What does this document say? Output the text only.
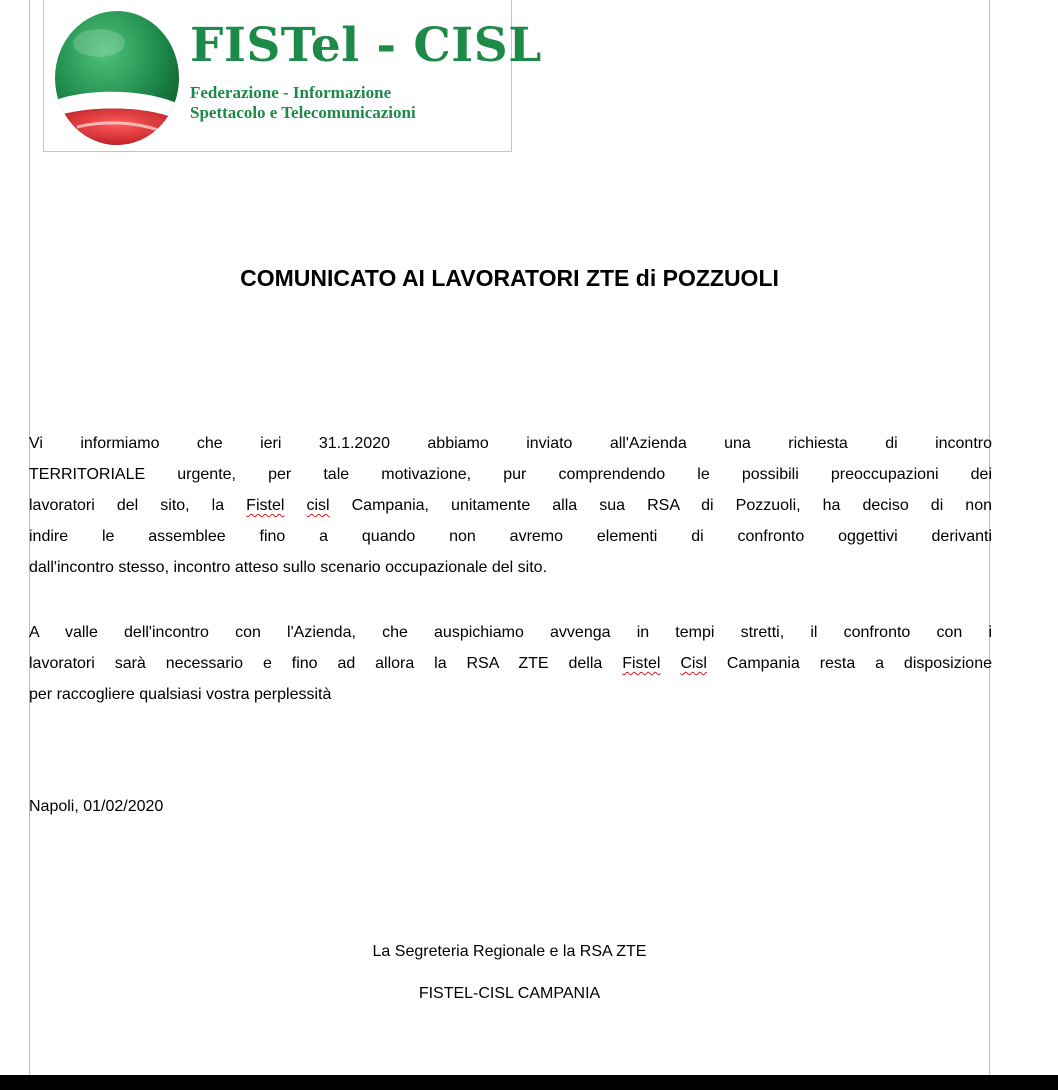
FISTel - CISL
Federazione - Informazione
Spettacolo e Telecomunicazioni
COMUNICATO AI LAVORATORI ZTE di POZZUOLI
Vi informiamo che ieri 31.1.2020 abbiamo inviato all'Azienda una richiesta di incontro
TERRITORIALE urgente, per tale motivazione, pur comprendendo le possibili preoccupazioni dei
lavoratori del sito, la Fistel cisl Campania, unitamente alla sua RSA di Pozzuoli, ha deciso di non
indire le assemblee fino a quando non avremo elementi di confronto oggettivi derivanti
dall'incontro stesso, incontro atteso sullo scenario occupazionale del sito.
A valle dell'incontro con l'Azienda, che auspichiamo avvenga in tempi stretti, il confronto con i
lavoratori sarà necessario e fino ad allora la RSA ZTE della Fistel Cisl Campania resta a disposizione
per raccogliere qualsiasi vostra perplessità
Napoli, 01/02/2020
La Segreteria Regionale e la RSA ZTE
FISTEL-CISL CAMPANIA
